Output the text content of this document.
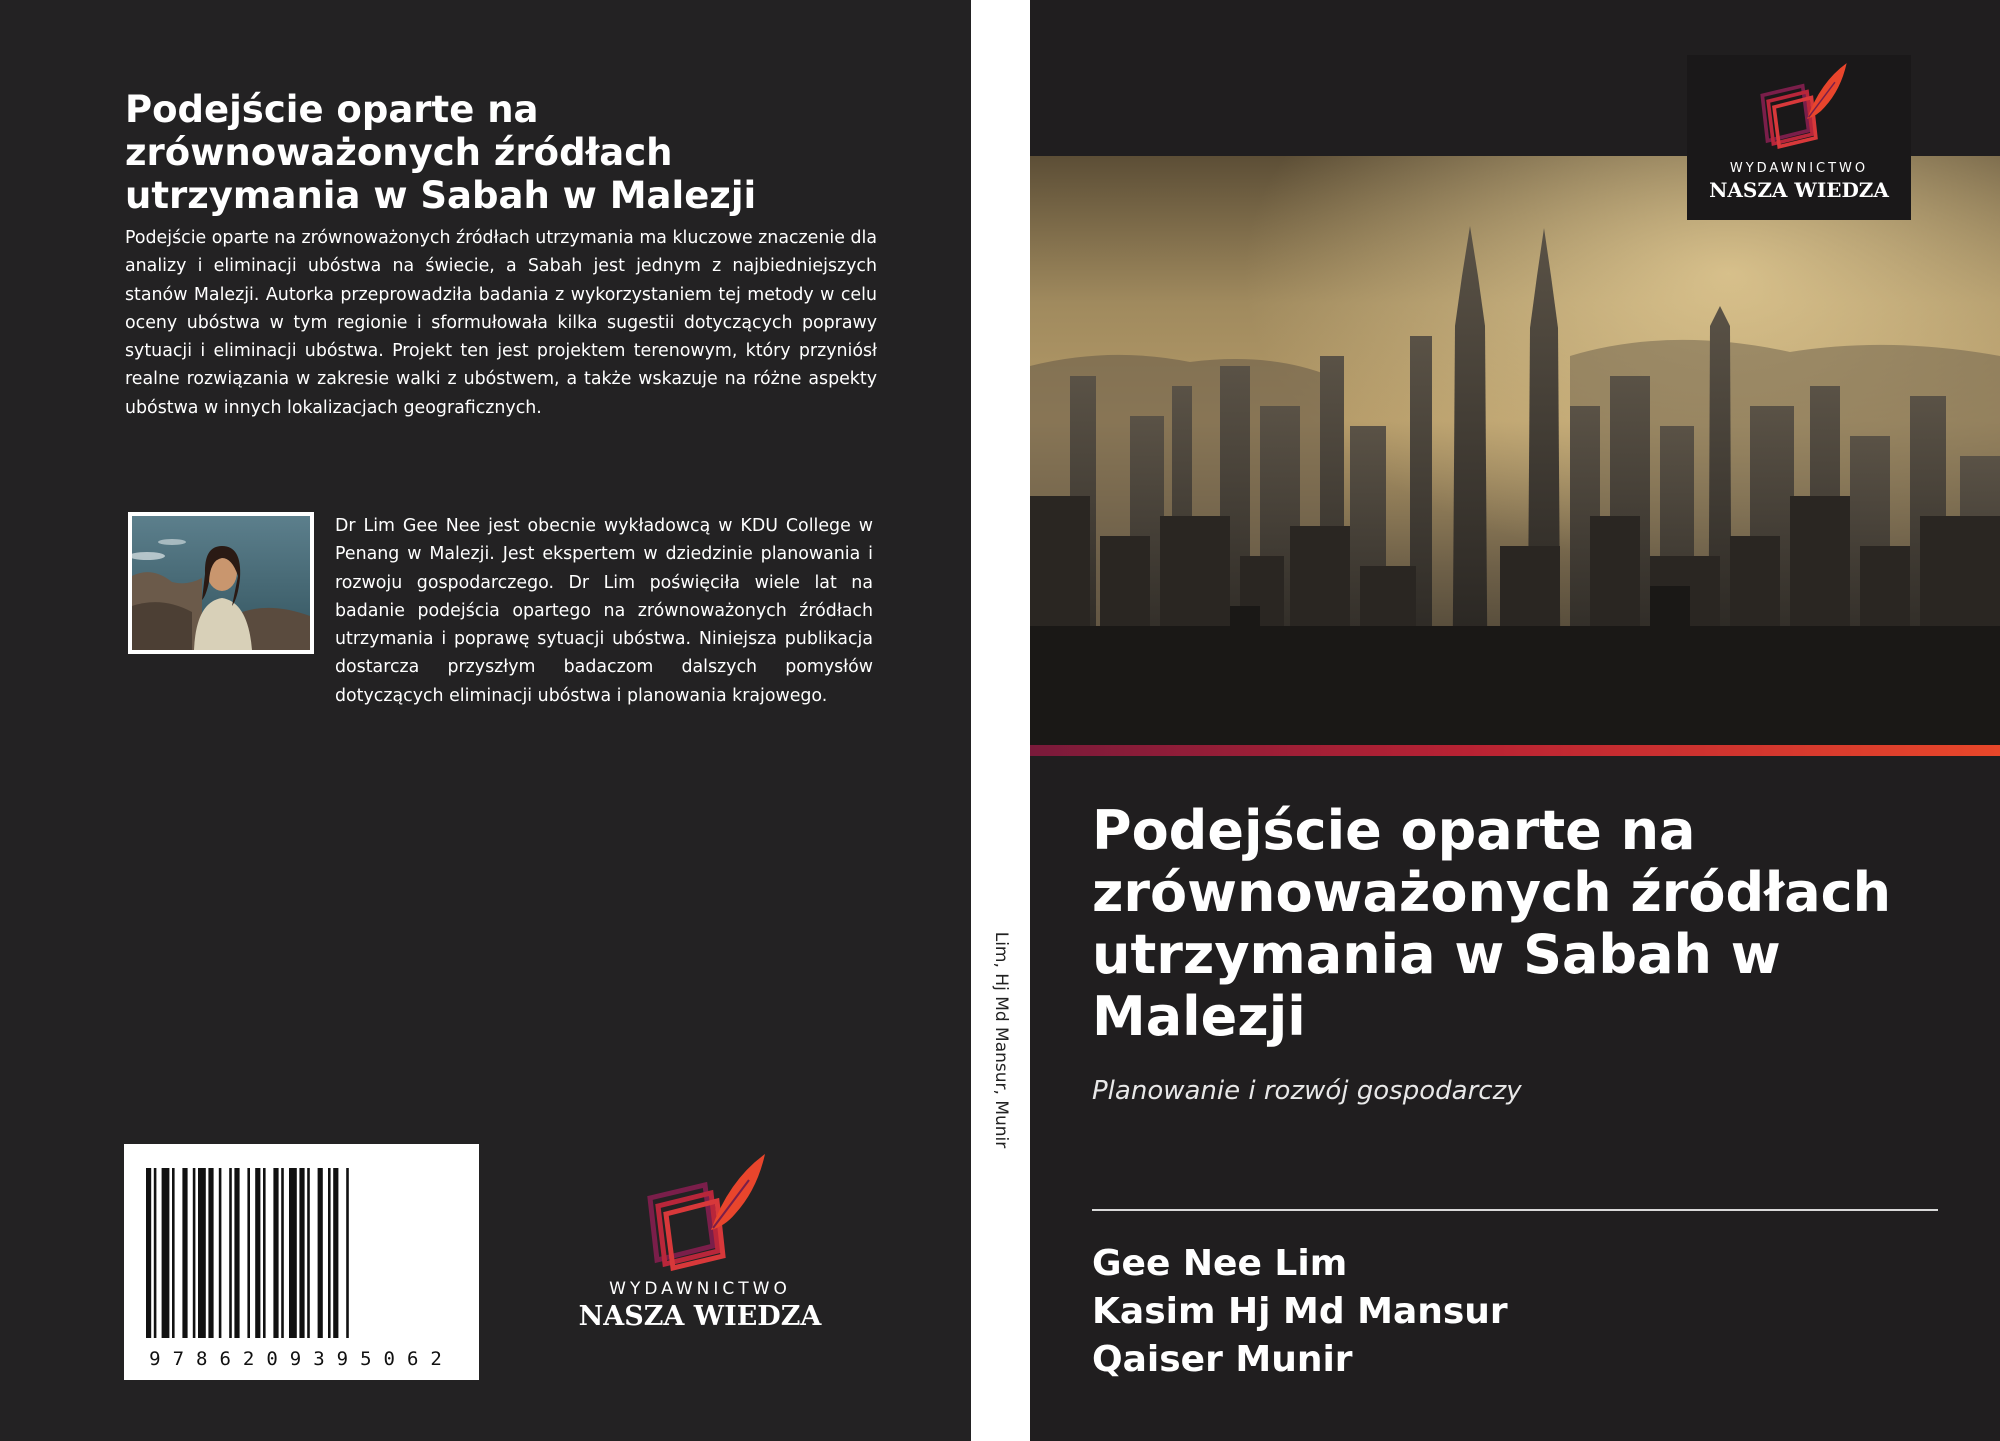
Podejście oparte na zrównoważonych źródłach utrzymania w Sabah w Malezji

Podejście oparte na zrównoważonych źródłach utrzymania ma kluczowe znaczenie dla analizy i eliminacji ubóstwa na świecie, a Sabah jest jednym z najbiedniejszych stanów Malezji. Autorka przeprowadziła badania z wykorzystaniem tej metody w celu oceny ubóstwa w tym regionie i sformułowała kilka sugestii dotyczących poprawy sytuacji i eliminacji ubóstwa. Projekt ten jest projektem terenowym, który przyniósł realne rozwiązania w zakresie walki z ubóstwem, a także wskazuje na różne aspekty ubóstwa w innych lokalizacjach geograficznych.

Dr Lim Gee Nee jest obecnie wykładowcą w KDU College w Penang w Malezji. Jest ekspertem w dziedzinie planowania i rozwoju gospodarczego. Dr Lim poświęciła wiele lat na badanie podejścia opartego na zrównoważonych źródłach utrzymania i poprawę sytuacji ubóstwa. Niniejsza publikacja dostarcza przyszłym badaczom dalszych pomysłów dotyczących eliminacji ubóstwa i planowania krajowego.

9786209395062
WYDAWNICTWO
NASZA WIEDZA
Lim, Hj Md Mansur, Munir
WYDAWNICTWO
NASZA WIEDZA
Podejście oparte na zrównoważonych źródłach utrzymania w Sabah w Malezji
Planowanie i rozwój gospodarczy
Gee Nee Lim
Kasim Hj Md Mansur
Qaiser Munir
